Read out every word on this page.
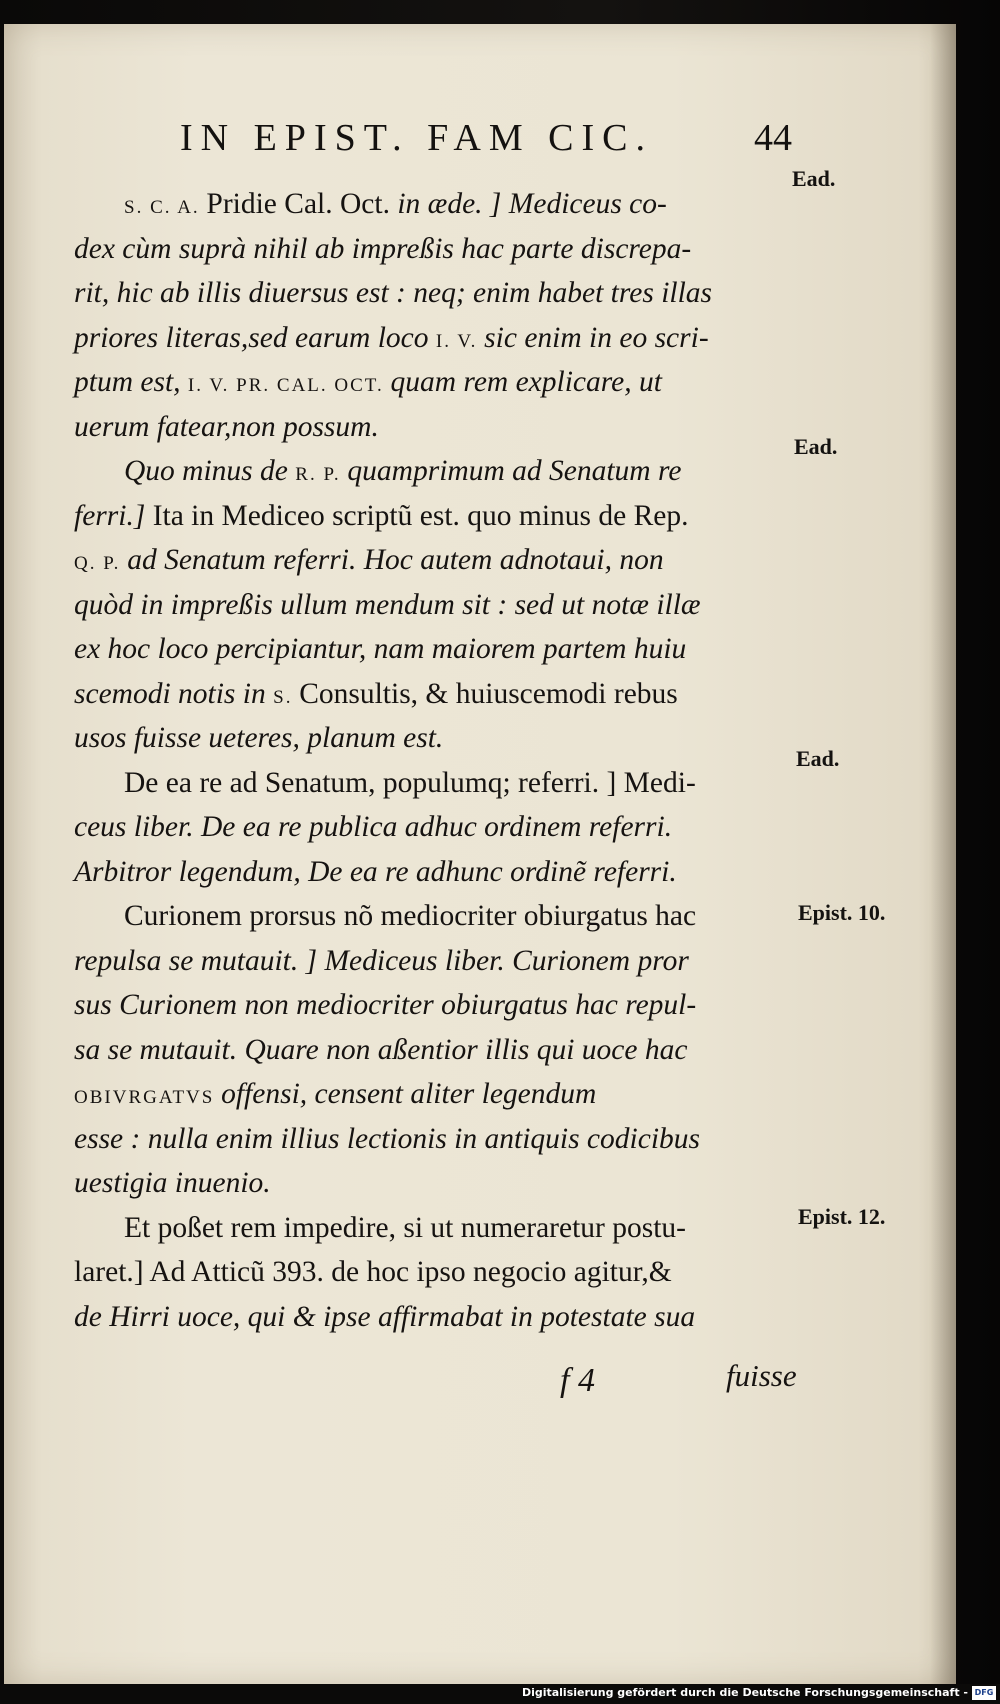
IN EPIST. FAM CIC.	44
S. C. A. Pridie Cal. Oct. in æde. ] Mediceus co-
dex cùm suprà nihil ab impreßis hac parte discrepa-
rit, hic ab illis diuersus est : neq; enim habet tres illas
priores literas,sed earum loco I. V. sic enim in eo scri-
ptum est, I. V. PR. CAL. OCT. quam rem explicare, ut
uerum fatear,non possum.
Quo minus de R. P. quamprimum ad Senatum re
ferri.] Ita in Mediceo scriptũ est. quo minus de Rep.
Q. P. ad Senatum referri. Hoc autem adnotaui, non
quòd in impreßis ullum mendum sit : sed ut notæ illæ
ex hoc loco percipiantur, nam maiorem partem huiu
scemodi notis in S. Consultis, & huiuscemodi rebus
usos fuisse ueteres, planum est.
De ea re ad Senatum, populumq; referri. ] Medi-
ceus liber. De ea re publica adhuc ordinem referri.
Arbitror legendum, De ea re adhunc ordinẽ referri.
Curionem prorsus nõ mediocriter obiurgatus hac
repulsa se mutauit. ] Mediceus liber. Curionem pror
sus Curionem non mediocriter obiurgatus hac repul-
sa se mutauit. Quare non aßentior illis qui uoce hac
OBIVRGATVS offensi, censent aliter legendum
esse : nulla enim illius lectionis in antiquis codicibus
uestigia inuenio.
Et poßet rem impedire, si ut numeraretur postu-
laret.] Ad Atticũ 393. de hoc ipso negocio agitur,&
de Hirri uoce, qui & ipse affirmabat in potestate sua
Ead.
Ead.
Ead.
Epist. 10.
Epist. 12.
f 4	fuisse
Digitalisierung gefördert durch die Deutsche Forschungsgemeinschaft - DFG
